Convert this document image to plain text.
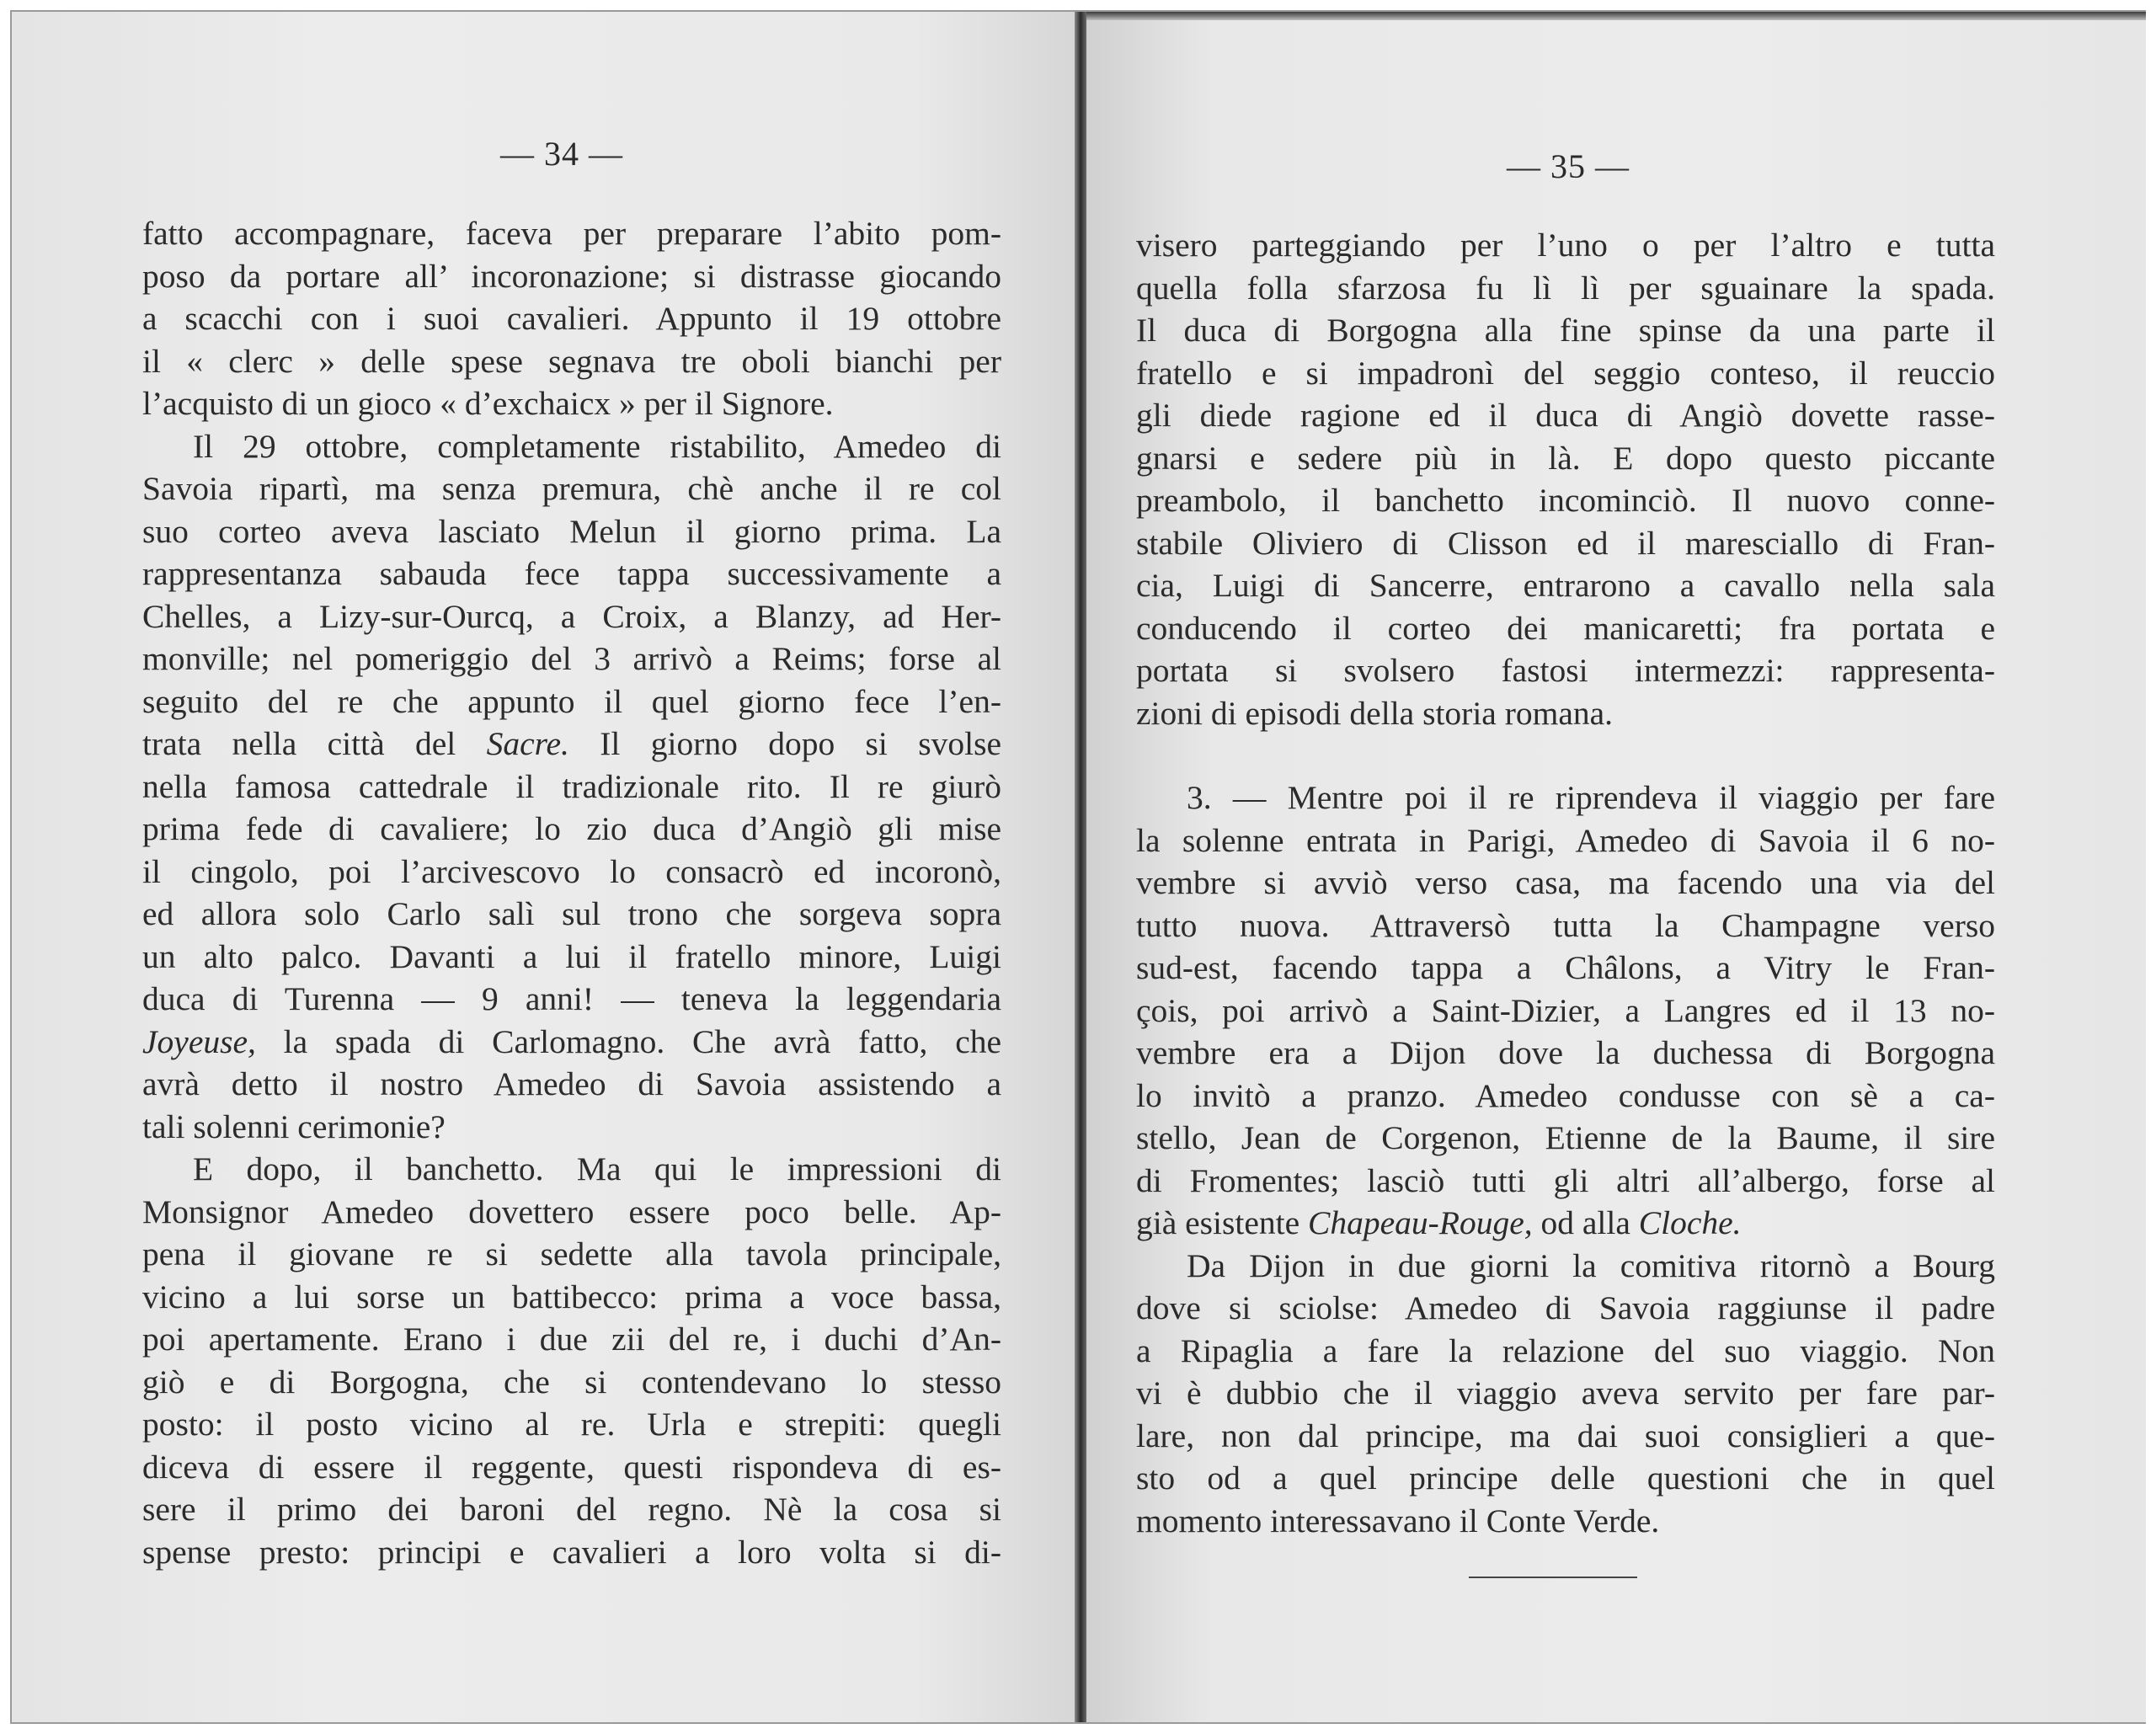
— 34 —	— 35 —
fatto accompagnare, faceva per preparare l’abito pom-
poso da portare all’ incoronazione; si distrasse giocando
a scacchi con i suoi cavalieri. Appunto il 19 ottobre
il « clerc » delle spese segnava tre oboli bianchi per
l’acquisto di un gioco « d’exchaicx » per il Signore.
Il 29 ottobre, completamente ristabilito, Amedeo di
Savoia ripartì, ma senza premura, chè anche il re col
suo corteo aveva lasciato Melun il giorno prima. La
rappresentanza sabauda fece tappa successivamente a
Chelles, a Lizy-sur-Ourcq, a Croix, a Blanzy, ad Her-
monville; nel pomeriggio del 3 arrivò a Reims; forse al
seguito del re che appunto il quel giorno fece l’en-
trata nella città del Sacre. Il giorno dopo si svolse
nella famosa cattedrale il tradizionale rito. Il re giurò
prima fede di cavaliere; lo zio duca d’Angiò gli mise
il cingolo, poi l’arcivescovo lo consacrò ed incoronò,
ed allora solo Carlo salì sul trono che sorgeva sopra
un alto palco. Davanti a lui il fratello minore, Luigi
duca di Turenna — 9 anni! — teneva la leggendaria
Joyeuse, la spada di Carlomagno. Che avrà fatto, che
avrà detto il nostro Amedeo di Savoia assistendo a
tali solenni cerimonie?
E dopo, il banchetto. Ma qui le impressioni di
Monsignor Amedeo dovettero essere poco belle. Ap-
pena il giovane re si sedette alla tavola principale,
vicino a lui sorse un battibecco: prima a voce bassa,
poi apertamente. Erano i due zii del re, i duchi d’An-
giò e di Borgogna, che si contendevano lo stesso
posto: il posto vicino al re. Urla e strepiti: quegli
diceva di essere il reggente, questi rispondeva di es-
sere il primo dei baroni del regno. Nè la cosa si
spense presto: principi e cavalieri a loro volta si di-
visero parteggiando per l’uno o per l’altro e tutta
quella folla sfarzosa fu lì lì per sguainare la spada.
Il duca di Borgogna alla fine spinse da una parte il
fratello e si impadronì del seggio conteso, il reuccio
gli diede ragione ed il duca di Angiò dovette rasse-
gnarsi e sedere più in là. E dopo questo piccante
preambolo, il banchetto incominciò. Il nuovo conne-
stabile Oliviero di Clisson ed il maresciallo di Fran-
cia, Luigi di Sancerre, entrarono a cavallo nella sala
conducendo il corteo dei manicaretti; fra portata e
portata si svolsero fastosi intermezzi: rappresenta-
zioni di episodi della storia romana.
3. — Mentre poi il re riprendeva il viaggio per fare
la solenne entrata in Parigi, Amedeo di Savoia il 6 no-
vembre si avviò verso casa, ma facendo una via del
tutto nuova. Attraversò tutta la Champagne verso
sud-est, facendo tappa a Châlons, a Vitry le Fran-
çois, poi arrivò a Saint-Dizier, a Langres ed il 13 no-
vembre era a Dijon dove la duchessa di Borgogna
lo invitò a pranzo. Amedeo condusse con sè a ca-
stello, Jean de Corgenon, Etienne de la Baume, il sire
di Fromentes; lasciò tutti gli altri all’albergo, forse al
già esistente Chapeau-Rouge, od alla Cloche.
Da Dijon in due giorni la comitiva ritornò a Bourg
dove si sciolse: Amedeo di Savoia raggiunse il padre
a Ripaglia a fare la relazione del suo viaggio. Non
vi è dubbio che il viaggio aveva servito per fare par-
lare, non dal principe, ma dai suoi consiglieri a que-
sto od a quel principe delle questioni che in quel
momento interessavano il Conte Verde.
